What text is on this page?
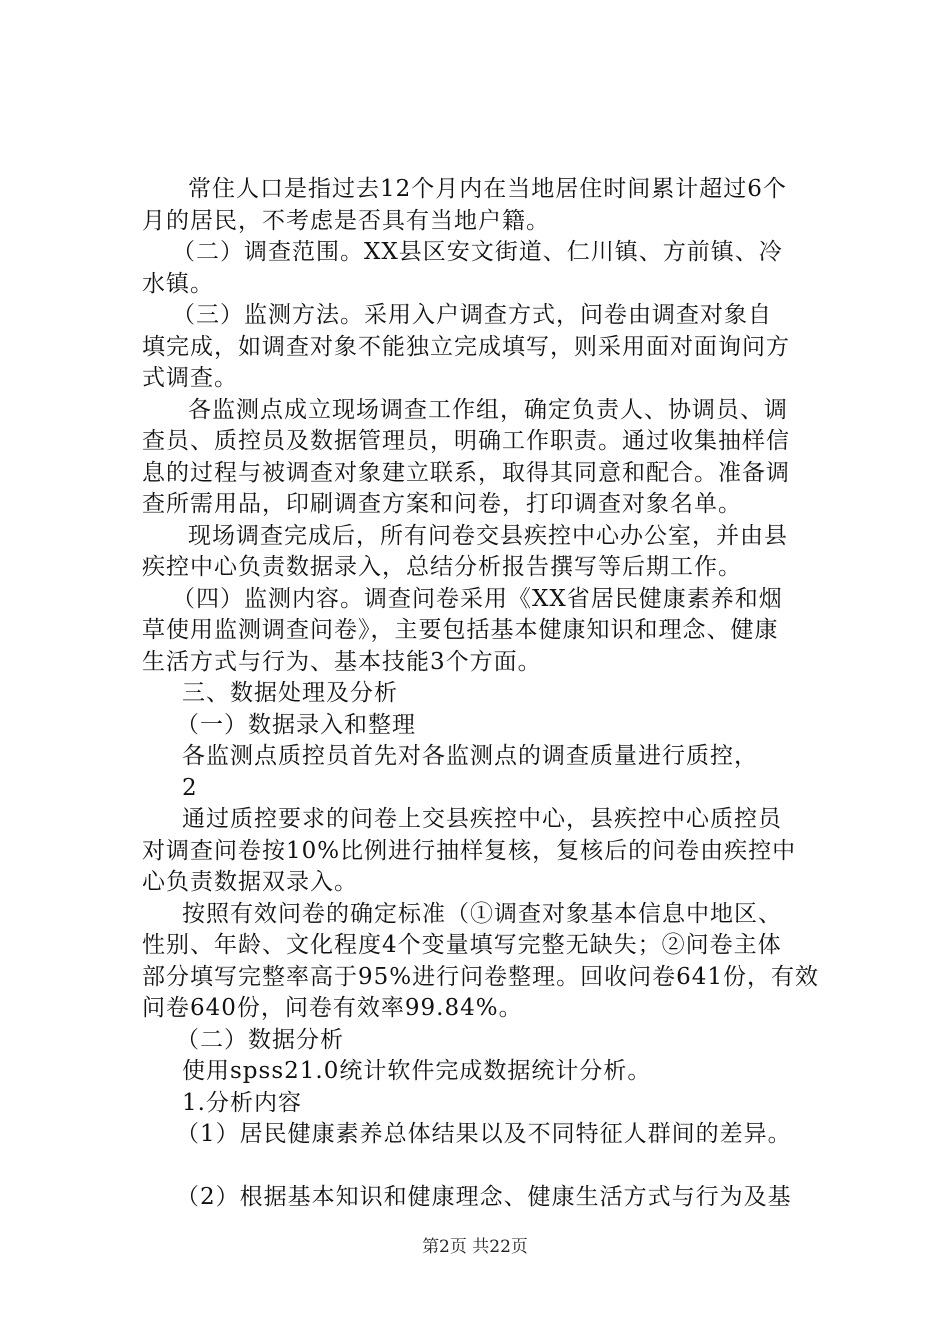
常住人口是指过去12个月内在当地居住时间累计超过6个
月的居民，不考虑是否具有当地户籍。
（二）调查范围。XX县区安文街道、仁川镇、方前镇、冷
水镇。
（三）监测方法。采用入户调查方式，问卷由调查对象自
填完成，如调查对象不能独立完成填写，则采用面对面询问方
式调查。
各监测点成立现场调查工作组，确定负责人、协调员、调
查员、质控员及数据管理员，明确工作职责。通过收集抽样信
息的过程与被调查对象建立联系，取得其同意和配合。准备调
查所需用品，印刷调查方案和问卷，打印调查对象名单。
现场调查完成后，所有问卷交县疾控中心办公室，并由县
疾控中心负责数据录入，总结分析报告撰写等后期工作。
（四）监测内容。调查问卷采用《XX省居民健康素养和烟
草使用监测调查问卷》，主要包括基本健康知识和理念、健康
生活方式与行为、基本技能3个方面。
三、数据处理及分析
（一）数据录入和整理
各监测点质控员首先对各监测点的调查质量进行质控，
2
通过质控要求的问卷上交县疾控中心，县疾控中心质控员
对调查问卷按10%比例进行抽样复核，复核后的问卷由疾控中
心负责数据双录入。
按照有效问卷的确定标准（①调查对象基本信息中地区、
性别、年龄、文化程度4个变量填写完整无缺失；②问卷主体
部分填写完整率高于95%进行问卷整理。回收问卷641份，有效
问卷640份，问卷有效率99.84%。
（二）数据分析
使用spss21.0统计软件完成数据统计分析。
1.分析内容
（1）居民健康素养总体结果以及不同特征人群间的差异。
（2）根据基本知识和健康理念、健康生活方式与行为及基
第2页 共22页
